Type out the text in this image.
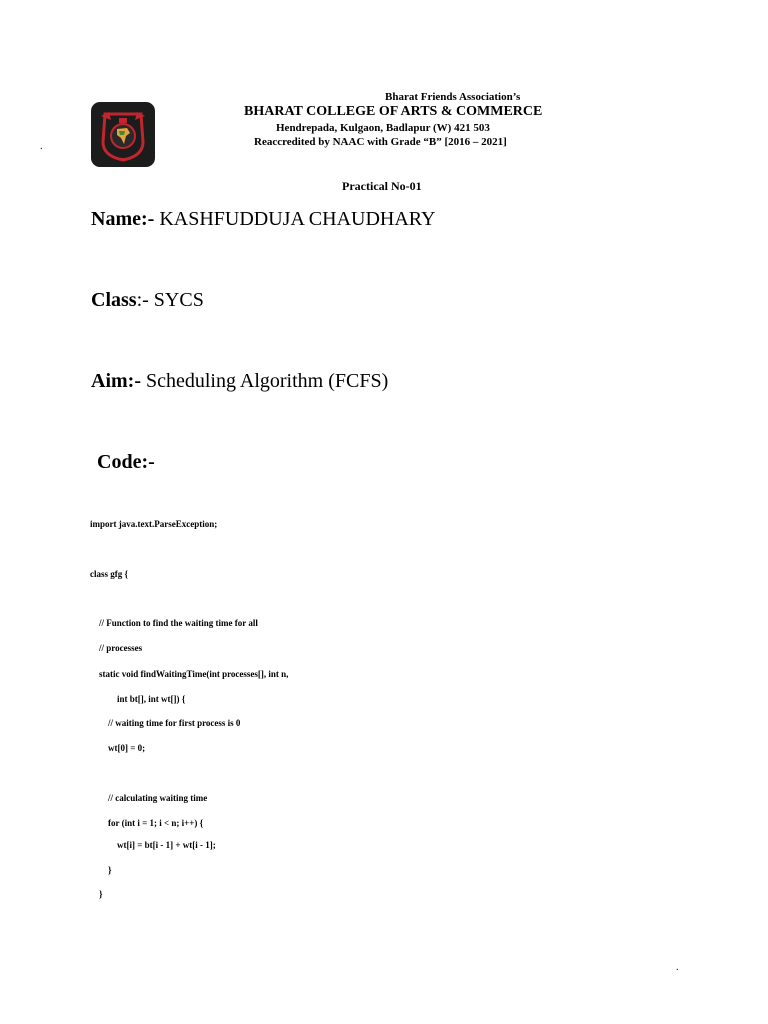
Bharat Friends Association’s
BHARAT COLLEGE OF ARTS & COMMERCE
Hendrepada, Kulgaon, Badlapur (W) 421 503
Reaccredited by NAAC with Grade “B” [2016 – 2021]
.
Practical No-01
Name:- KASHFUDDUJA CHAUDHARY
Class:- SYCS
Aim:- Scheduling Algorithm (FCFS)
Code:-
import java.text.ParseException;
class gfg {
// Function to find the waiting time for all
// processes
static void findWaitingTime(int processes[], int n,
int bt[], int wt[]) {
// waiting time for first process is 0
wt[0] = 0;
// calculating waiting time
for (int i = 1; i < n; i++) {
wt[i] = bt[i - 1] + wt[i - 1];
}
}
.
